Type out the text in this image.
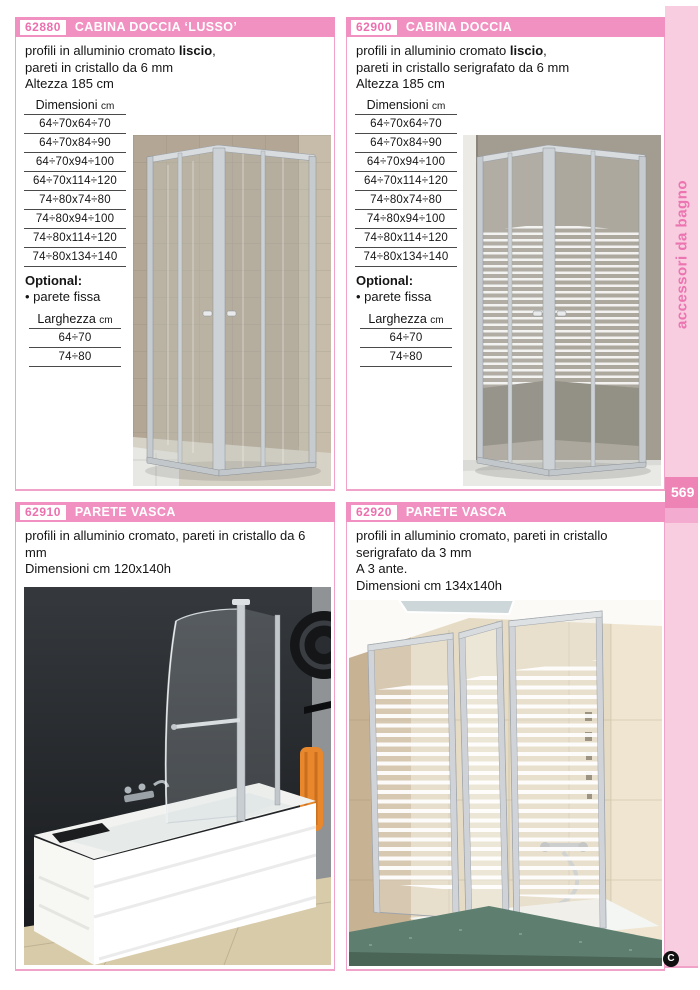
62880	CABINA DOCCIA ‘LUSSO’
profili in alluminio cromato liscio,
pareti in cristallo da 6 mm
Altezza 185 cm
Dimensioni cm
64÷70x64÷70
64÷70x84÷90
64÷70x94÷100
64÷70x114÷120
74÷80x74÷80
74÷80x94÷100
74÷80x114÷120
74÷80x134÷140
Optional:
• parete fissa
Larghezza cm
64÷70
74÷80
62900	CABINA DOCCIA
profili in alluminio cromato liscio,
pareti in cristallo serigrafato da 6 mm
Altezza 185 cm
Dimensioni cm
64÷70x64÷70
64÷70x84÷90
64÷70x94÷100
64÷70x114÷120
74÷80x74÷80
74÷80x94÷100
74÷80x114÷120
74÷80x134÷140
Optional:
• parete fissa
Larghezza cm
64÷70
74÷80
62910	PARETE VASCA
profili in alluminio cromato, pareti in cristallo da 6 mm
Dimensioni cm 120x140h
62920	PARETE VASCA
profili in alluminio cromato, pareti in cristallo
serigrafato da 3 mm
A 3 ante.
Dimensioni cm 134x140h
accessori da bagno
569
C
